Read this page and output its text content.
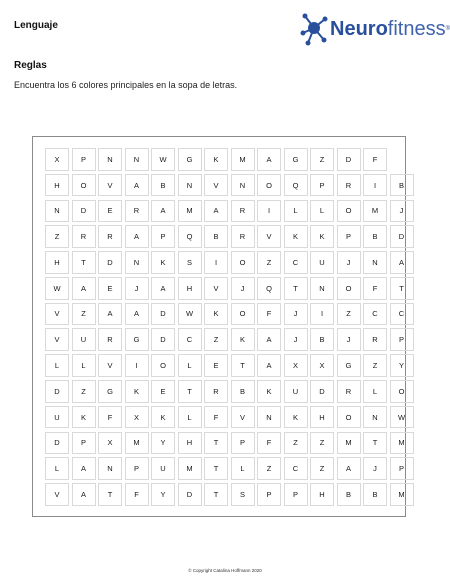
Lenguaje	Neurofitness®
Reglas
Encuentra los 6 colores principales en la sopa de letras.
X	P	N	N	W	G	K	M	A	G	Z	D	F
H	O	V	A	B	N	V	N	O	Q	P	R	I	B
N	D	E	R	A	M	A	R	I	L	L	O	M	J
Z	R	R	A	P	Q	B	R	V	K	K	P	B	D
H	T	D	N	K	S	I	O	Z	C	U	J	N	A
W	A	E	J	A	H	V	J	Q	T	N	O	F	T
V	Z	A	A	D	W	K	O	F	J	I	Z	C	C
V	U	R	G	D	C	Z	K	A	J	B	J	R	P
L	L	V	I	O	L	E	T	A	X	X	G	Z	Y
D	Z	G	K	E	T	R	B	K	U	D	R	L	O
U	K	F	X	K	L	F	V	N	K	H	O	N	W
D	P	X	M	Y	H	T	P	F	Z	Z	M	T	M
L	A	N	P	U	M	T	L	Z	C	Z	A	J	P
V	A	T	F	Y	D	T	S	P	P	H	B	B	M
© Copyright Catalina Hoffmann 2020
